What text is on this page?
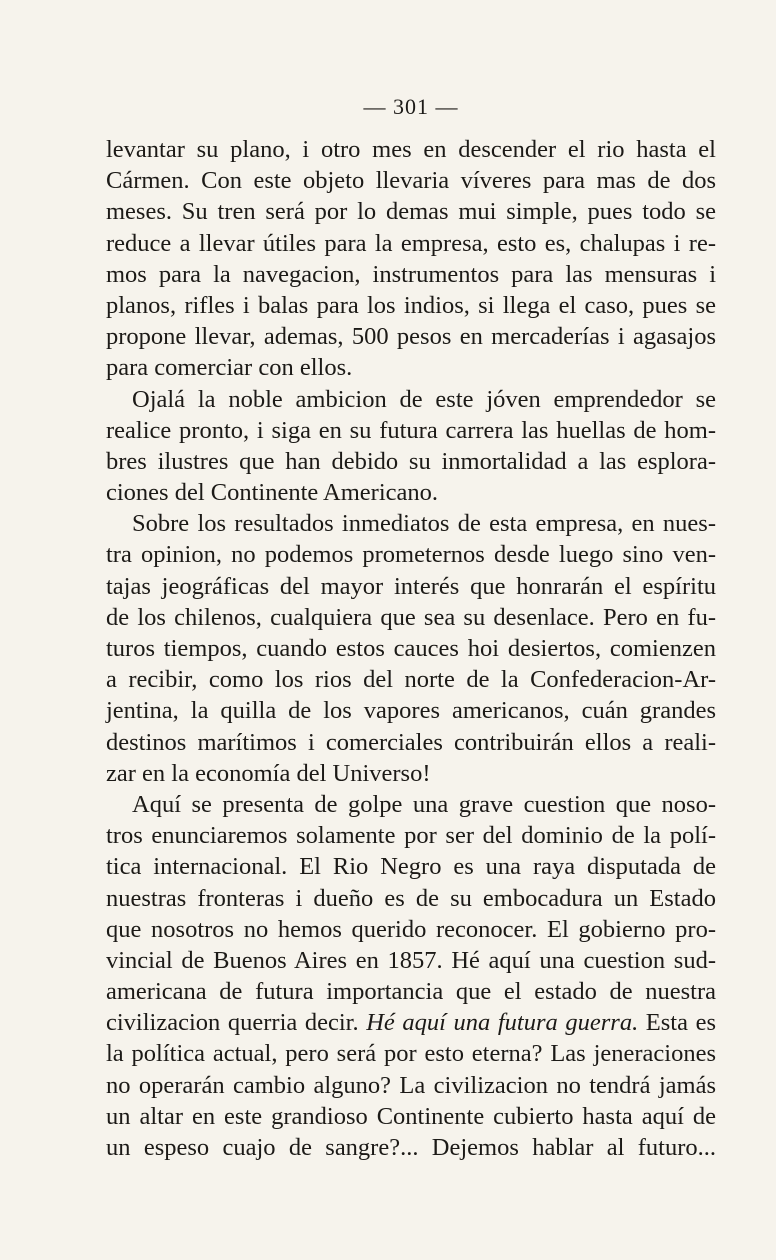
— 301 —
levantar su plano, i otro mes en descender el rio hasta el
Cármen. Con este objeto llevaria víveres para mas de dos
meses. Su tren será por lo demas mui simple, pues todo se
reduce a llevar útiles para la empresa, esto es, chalupas i re-
mos para la navegacion, instrumentos para las mensuras i
planos, rifles i balas para los indios, si llega el caso, pues se
propone llevar, ademas, 500 pesos en mercaderías i agasajos
para comerciar con ellos.
Ojalá la noble ambicion de este jóven emprendedor se
realice pronto, i siga en su futura carrera las huellas de hom-
bres ilustres que han debido su inmortalidad a las esplora-
ciones del Continente Americano.
Sobre los resultados inmediatos de esta empresa, en nues-
tra opinion, no podemos prometernos desde luego sino ven-
tajas jeográficas del mayor interés que honrarán el espíritu
de los chilenos, cualquiera que sea su desenlace. Pero en fu-
turos tiempos, cuando estos cauces hoi desiertos, comienzen
a recibir, como los rios del norte de la Confederacion-Ar-
jentina, la quilla de los vapores americanos, cuán grandes
destinos marítimos i comerciales contribuirán ellos a reali-
zar en la economía del Universo!
Aquí se presenta de golpe una grave cuestion que noso-
tros enunciaremos solamente por ser del dominio de la polí-
tica internacional. El Rio Negro es una raya disputada de
nuestras fronteras i dueño es de su embocadura un Estado
que nosotros no hemos querido reconocer. El gobierno pro-
vincial de Buenos Aires en 1857. Hé aquí una cuestion sud-
americana de futura importancia que el estado de nuestra
civilizacion querria decir. Hé aquí una futura guerra. Esta es
la política actual, pero será por esto eterna? Las jeneraciones
no operarán cambio alguno? La civilizacion no tendrá jamás
un altar en este grandioso Continente cubierto hasta aquí de
un espeso cuajo de sangre?... Dejemos hablar al futuro...
